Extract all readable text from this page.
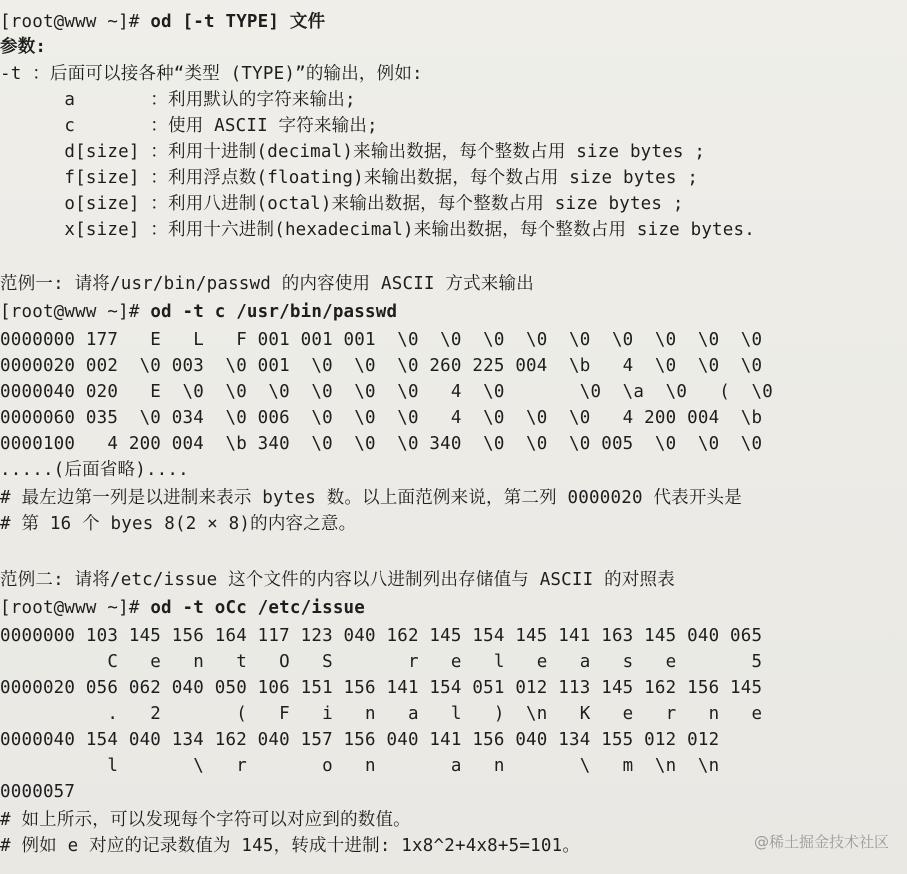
[root@www ~]# od [-t TYPE] 文件
参数:
-t ：后面可以接各种“类型 (TYPE)”的输出，例如:
a       ：利用默认的字符来输出;
c       ：使用 ASCII 字符来输出;
d[size] ：利用十进制(decimal)来输出数据，每个整数占用 size bytes ;
f[size] ：利用浮点数(floating)来输出数据，每个数占用 size bytes ;
o[size] ：利用八进制(octal)来输出数据，每个整数占用 size bytes ;
x[size] ：利用十六进制(hexadecimal)来输出数据，每个整数占用 size bytes.
范例一: 请将/usr/bin/passwd 的内容使用 ASCII 方式来输出
[root@www ~]# od -t c /usr/bin/passwd
0000000 177   E   L   F 001 001 001  \0  \0  \0  \0  \0  \0  \0  \0  \0
0000020 002  \0 003  \0 001  \0  \0  \0 260 225 004  \b   4  \0  \0  \0
0000040 020   E  \0  \0  \0  \0  \0  \0   4  \0       \0  \a  \0   (  \0
0000060 035  \0 034  \0 006  \0  \0  \0   4  \0  \0  \0   4 200 004  \b
0000100   4 200 004  \b 340  \0  \0  \0 340  \0  \0  \0 005  \0  \0  \0
.....(后面省略)....
# 最左边第一列是以进制来表示 bytes 数。以上面范例来说，第二列 0000020 代表开头是
# 第 16 个 byes 8(2 × 8)的内容之意。
范例二: 请将/etc/issue 这个文件的内容以八进制列出存储值与 ASCII 的对照表
[root@www ~]# od -t oCc /etc/issue
0000000 103 145 156 164 117 123 040 162 145 154 145 141 163 145 040 065
C   e   n   t   O   S       r   e   l   e   a   s   e       5
0000020 056 062 040 050 106 151 156 141 154 051 012 113 145 162 156 145
.   2       (   F   i   n   a   l   )  \n   K   e   r   n   e
0000040 154 040 134 162 040 157 156 040 141 156 040 134 155 012 012
l       \   r       o   n       a   n       \   m  \n  \n
0000057
# 如上所示，可以发现每个字符可以对应到的数值。
# 例如 e 对应的记录数值为 145，转成十进制: 1x8^2+4x8+5=101。	@稀土掘金技术社区
